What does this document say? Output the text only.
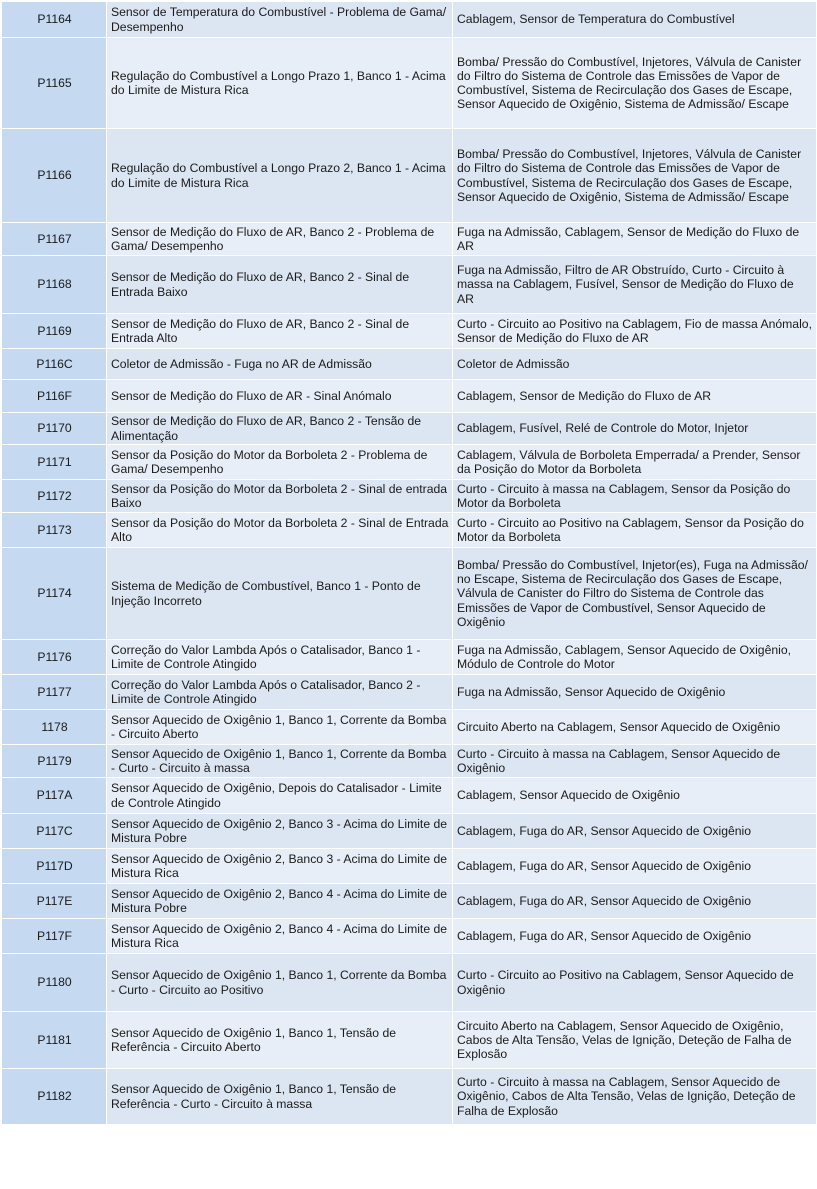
P1164	Sensor de Temperatura do Combustível - Problema de Gama/ Desempenho	Cablagem, Sensor de Temperatura do Combustível
P1165	Regulação do Combustível a Longo Prazo 1, Banco 1 - Acima do Limite de Mistura Rica	Bomba/ Pressão do Combustível, Injetores, Válvula de Canister do Filtro do Sistema de Controle das Emissões de Vapor de Combustível, Sistema de Recirculação dos Gases de Escape, Sensor Aquecido de Oxigênio, Sistema de Admissão/ Escape
P1166	Regulação do Combustível a Longo Prazo 2, Banco 1 - Acima do Limite de Mistura Rica	Bomba/ Pressão do Combustível, Injetores, Válvula de Canister do Filtro do Sistema de Controle das Emissões de Vapor de Combustível, Sistema de Recirculação dos Gases de Escape, Sensor Aquecido de Oxigênio, Sistema de Admissão/ Escape
P1167	Sensor de Medição do Fluxo de AR, Banco 2 - Problema de Gama/ Desempenho	Fuga na Admissão, Cablagem, Sensor de Medição do Fluxo de AR
P1168	Sensor de Medição do Fluxo de AR, Banco 2 - Sinal de Entrada Baixo	Fuga na Admissão, Filtro de AR Obstruído, Curto - Circuito à massa na Cablagem, Fusível, Sensor de Medição do Fluxo de AR
P1169	Sensor de Medição do Fluxo de AR, Banco 2 - Sinal de Entrada Alto	Curto - Circuito ao Positivo na Cablagem, Fio de massa Anómalo, Sensor de Medição do Fluxo de AR
P116C	Coletor de Admissão - Fuga no AR de Admissão	Coletor de Admissão
P116F	Sensor de Medição do Fluxo de AR - Sinal Anómalo	Cablagem, Sensor de Medição do Fluxo de AR
P1170	Sensor de Medição do Fluxo de AR, Banco 2 - Tensão de Alimentação	Cablagem, Fusível, Relé de Controle do Motor, Injetor
P1171	Sensor da Posição do Motor da Borboleta 2 - Problema de Gama/ Desempenho	Cablagem, Válvula de Borboleta Emperrada/ a Prender, Sensor da Posição do Motor da Borboleta
P1172	Sensor da Posição do Motor da Borboleta 2 - Sinal de entrada Baixo	Curto - Circuito à massa na Cablagem, Sensor da Posição do Motor da Borboleta
P1173	Sensor da Posição do Motor da Borboleta 2 - Sinal de Entrada Alto	Curto - Circuito ao Positivo na Cablagem, Sensor da Posição do Motor da Borboleta
P1174	Sistema de Medição de Combustível, Banco 1 - Ponto de Injeção Incorreto	Bomba/ Pressão do Combustível, Injetor(es), Fuga na Admissão/ no Escape, Sistema de Recirculação dos Gases de Escape, Válvula de Canister do Filtro do Sistema de Controle das Emissões de Vapor de Combustível, Sensor Aquecido de Oxigênio
P1176	Correção do Valor Lambda Após o Catalisador, Banco 1 - Limite de Controle Atingido	Fuga na Admissão, Cablagem, Sensor Aquecido de Oxigênio, Módulo de Controle do Motor
P1177	Correção do Valor Lambda Após o Catalisador, Banco 2 - Limite de Controle Atingido	Fuga na Admissão, Sensor Aquecido de Oxigênio
1178	Sensor Aquecido de Oxigênio 1, Banco 1, Corrente da Bomba - Circuito Aberto	Circuito Aberto na Cablagem, Sensor Aquecido de Oxigênio
P1179	Sensor Aquecido de Oxigênio 1, Banco 1, Corrente da Bomba - Curto - Circuito à massa	Curto - Circuito à massa na Cablagem, Sensor Aquecido de Oxigênio
P117A	Sensor Aquecido de Oxigênio, Depois do Catalisador - Limite de Controle Atingido	Cablagem, Sensor Aquecido de Oxigênio
P117C	Sensor Aquecido de Oxigênio 2, Banco 3 - Acima do Limite de Mistura Pobre	Cablagem, Fuga do AR, Sensor Aquecido de Oxigênio
P117D	Sensor Aquecido de Oxigênio 2, Banco 3 - Acima do Limite de Mistura Rica	Cablagem, Fuga do AR, Sensor Aquecido de Oxigênio
P117E	Sensor Aquecido de Oxigênio 2, Banco 4 - Acima do Limite de Mistura Pobre	Cablagem, Fuga do AR, Sensor Aquecido de Oxigênio
P117F	Sensor Aquecido de Oxigênio 2, Banco 4 - Acima do Limite de Mistura Rica	Cablagem, Fuga do AR, Sensor Aquecido de Oxigênio
P1180	Sensor Aquecido de Oxigênio 1, Banco 1, Corrente da Bomba - Curto - Circuito ao Positivo	Curto - Circuito ao Positivo na Cablagem, Sensor Aquecido de Oxigênio
P1181	Sensor Aquecido de Oxigênio 1, Banco 1, Tensão de Referência - Circuito Aberto	Circuito Aberto na Cablagem, Sensor Aquecido de Oxigênio, Cabos de Alta Tensão, Velas de Ignição, Deteção de Falha de Explosão
P1182	Sensor Aquecido de Oxigênio 1, Banco 1, Tensão de Referência - Curto - Circuito à massa	Curto - Circuito à massa na Cablagem, Sensor Aquecido de Oxigênio, Cabos de Alta Tensão, Velas de Ignição, Deteção de Falha de Explosão
